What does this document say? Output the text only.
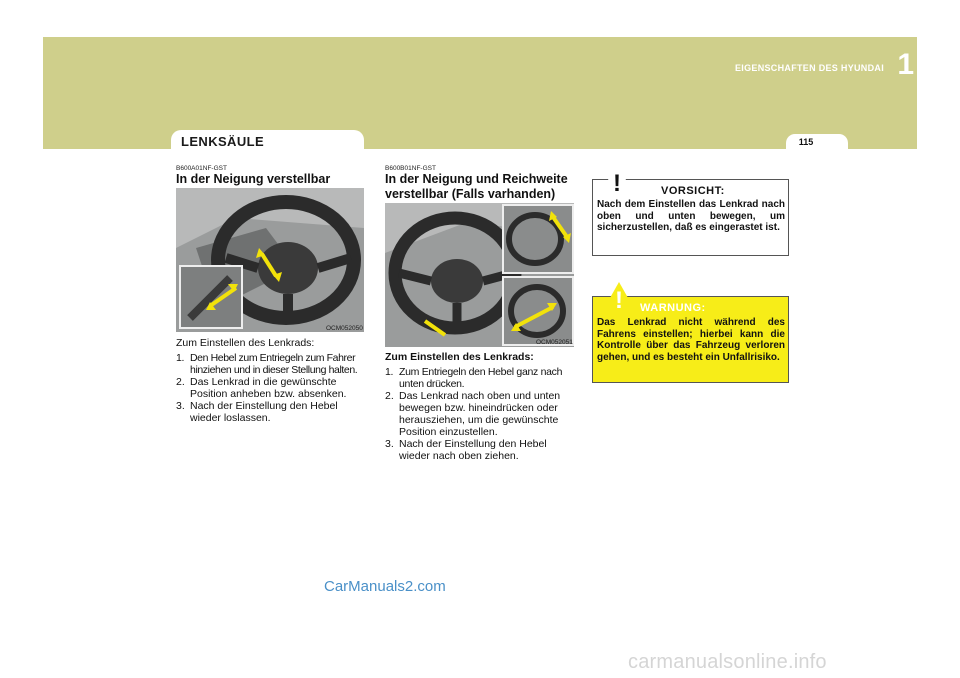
1
EIGENSCHAFTEN DES HYUNDAI
115
LENKSÄULE
B600A01NF-GST
In der Neigung verstellbar
OCM052050
Zum Einstellen des Lenkrads:
1. Den Hebel zum Entriegeln zum Fahrer hinziehen und in dieser Stellung halten.
2. Das Lenkrad in die gewünschte Position anheben bzw. absenken.
3. Nach der Einstellung den Hebel wieder loslassen.
B600B01NF-GST
In der Neigung und Reichweite
verstellbar (Falls varhanden)
OCM052051
Zum Einstellen des Lenkrads:
1. Zum Entriegeln den Hebel ganz nach unten drücken.
2. Das Lenkrad nach oben und unten bewegen bzw. hineindrücken oder herausziehen, um die gewünschte Position einzustellen.
3. Nach der Einstellung den Hebel wieder nach oben ziehen.
!	VORSICHT:
Nach dem Einstellen das Lenkrad nach oben und unten bewegen, um sicherzustellen, daß es eingerastet ist.
! WARNUNG:
Das Lenkrad nicht während des Fahrens einstellen; hierbei kann die Kontrolle über das Fahrzeug verloren gehen, und es besteht ein Unfallrisiko.
CarManuals2.com
carmanualsonline.info
